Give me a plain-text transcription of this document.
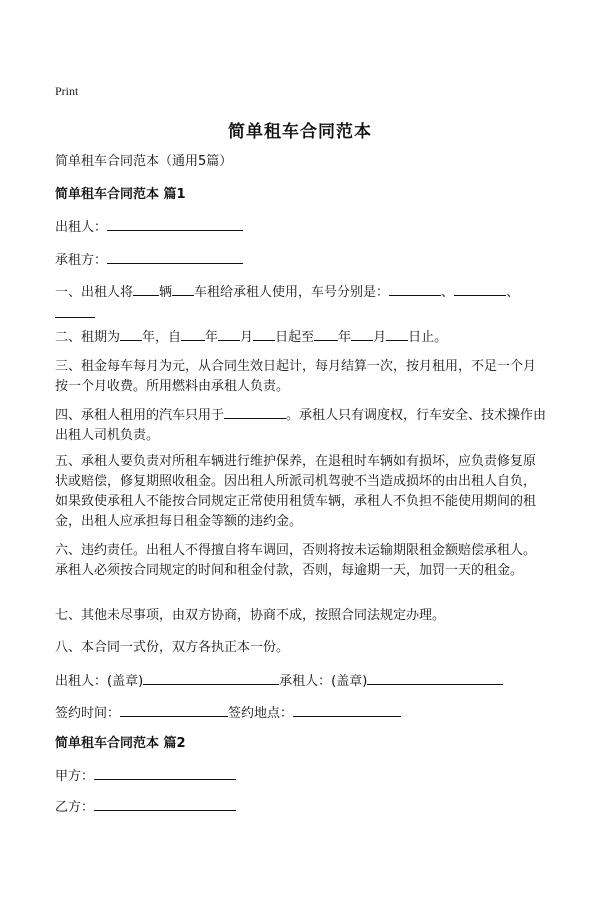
Print
简单租车合同范本

简单租车合同范本（通用5篇）

简单租车合同范本 篇1

出租人：

承租方：

一、出租人将 辆 车租给承租人使用，车号分别是：	、	、

二、租期为 年，自 年 月 日起至 年 月 日止。

三、租金每车每月为元，从合同生效日起计，每月结算一次，按月租用，不足一个月按一个月收费。所用燃料由承租人负责。

四、承租人租用的汽车只用于	。承租人只有调度权，行车安全、技术操作由出租人司机负责。

五、承租人要负责对所租车辆进行维护保养，在退租时车辆如有损坏，应负责修复原状或赔偿，修复期照收租金。因出租人所派司机驾驶不当造成损坏的由出租人自负，如果致使承租人不能按合同规定正常使用租赁车辆，承租人不负担不能使用期间的租金，出租人应承担每日租金等额的违约金。

六、违约责任。出租人不得擅自将车调回，否则将按未运输期限租金额赔偿承租人。承租人必须按合同规定的时间和租金付款，否则，每逾期一天，加罚一天的租金。

七、其他未尽事项，由双方协商，协商不成，按照合同法规定办理。

八、本合同一式份，双方各执正本一份。

出租人：(盖章)	承租人：(盖章)

签约时间：	签约地点：

简单租车合同范本 篇2

甲方：

乙方：
